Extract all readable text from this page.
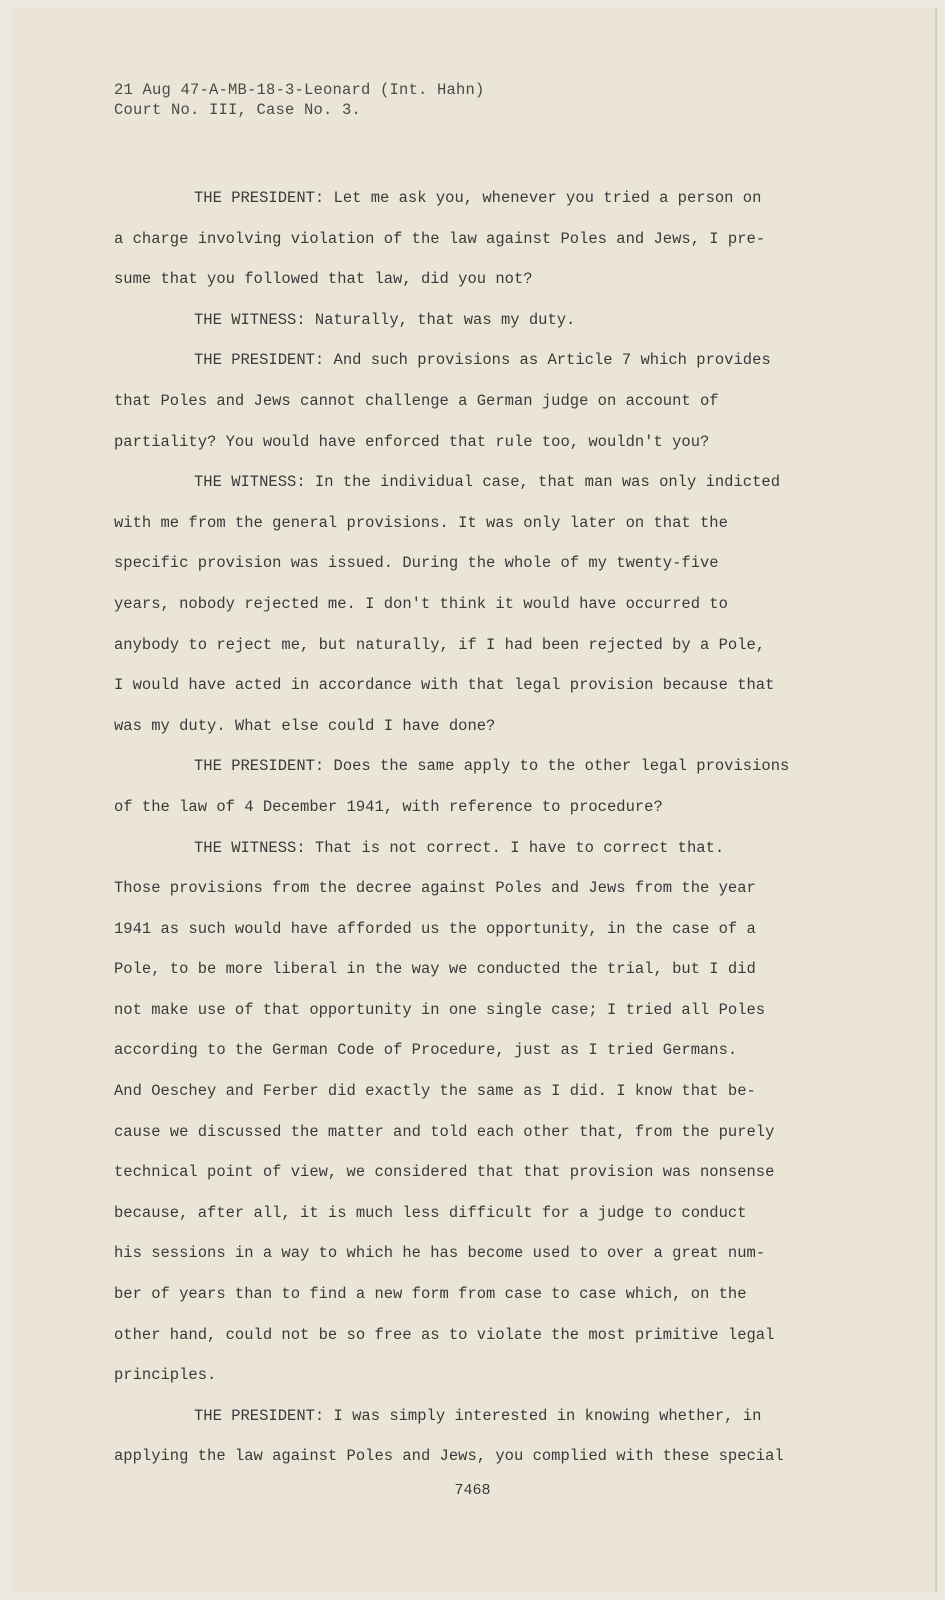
21 Aug 47-A-MB-18-3-Leonard (Int. Hahn)
Court No. III, Case No. 3.
THE PRESIDENT: Let me ask you, whenever you tried a person on
a charge involving violation of the law against Poles and Jews, I pre-
sume that you followed that law, did you not?
THE WITNESS: Naturally, that was my duty.
THE PRESIDENT: And such provisions as Article 7 which provides
that Poles and Jews cannot challenge a German judge on account of
partiality? You would have enforced that rule too, wouldn't you?
THE WITNESS: In the individual case, that man was only indicted
with me from the general provisions. It was only later on that the
specific provision was issued. During the whole of my twenty-five
years, nobody rejected me. I don't think it would have occurred to
anybody to reject me, but naturally, if I had been rejected by a Pole,
I would have acted in accordance with that legal provision because that
was my duty. What else could I have done?
THE PRESIDENT: Does the same apply to the other legal provisions
of the law of 4 December 1941, with reference to procedure?
THE WITNESS: That is not correct. I have to correct that.
Those provisions from the decree against Poles and Jews from the year
1941 as such would have afforded us the opportunity, in the case of a
Pole, to be more liberal in the way we conducted the trial, but I did
not make use of that opportunity in one single case; I tried all Poles
according to the German Code of Procedure, just as I tried Germans.
And Oeschey and Ferber did exactly the same as I did. I know that be-
cause we discussed the matter and told each other that, from the purely
technical point of view, we considered that that provision was nonsense
because, after all, it is much less difficult for a judge to conduct
his sessions in a way to which he has become used to over a great num-
ber of years than to find a new form from case to case which, on the
other hand, could not be so free as to violate the most primitive legal
principles.
THE PRESIDENT: I was simply interested in knowing whether, in
applying the law against Poles and Jews, you complied with these special
7468
